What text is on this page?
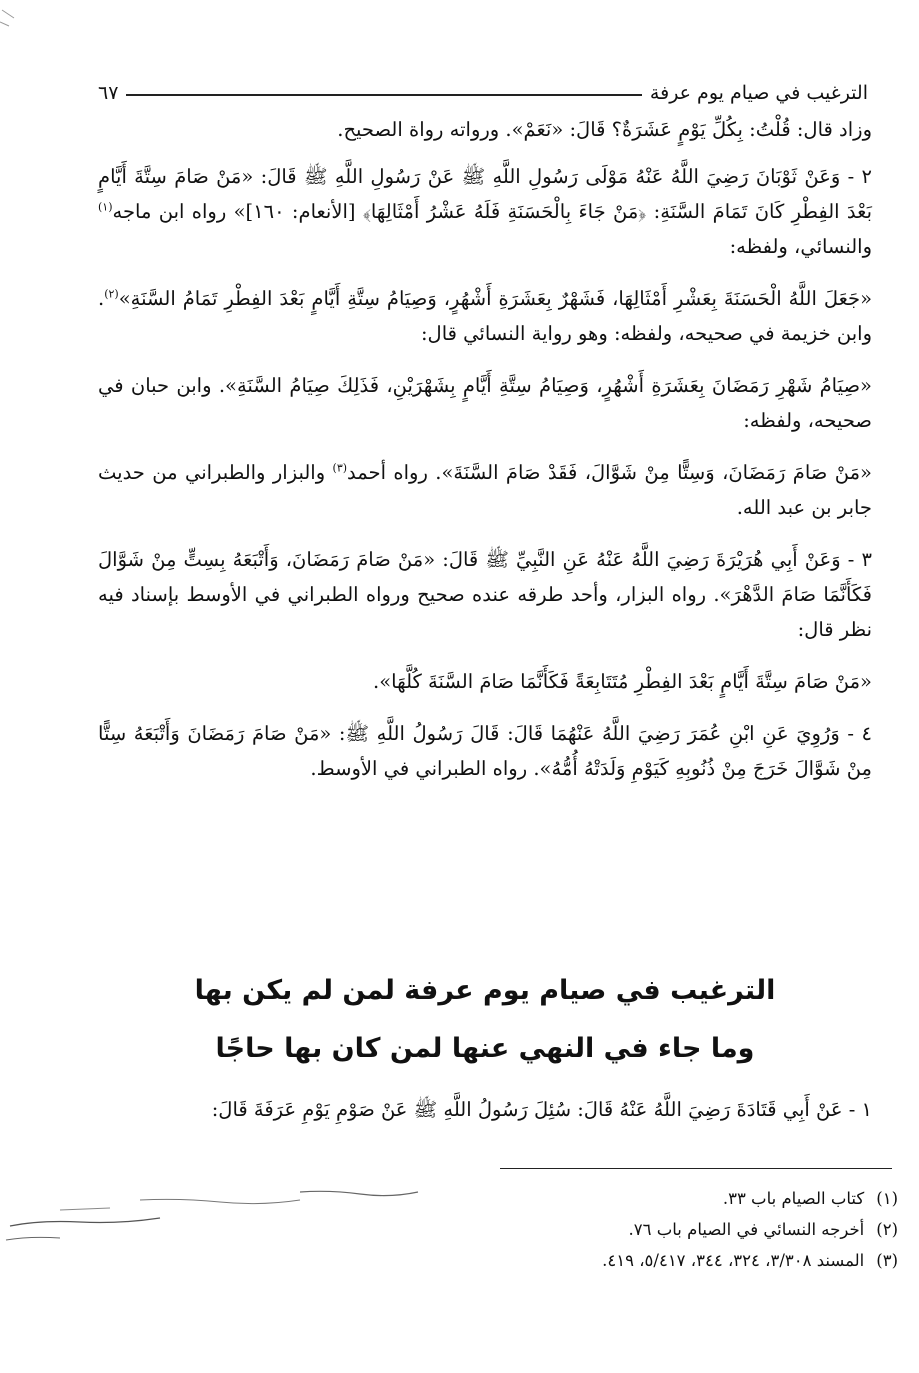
الترغيب في صيام يوم عرفة
٦٧

وزاد قال: قُلْتُ: بِكُلِّ يَوْمٍ عَشَرَةٌ؟ قَالَ: «نَعَمْ». ورواته رواة الصحيح.

٢ - وَعَنْ ثَوْبَانَ رَضِيَ اللَّهُ عَنْهُ مَوْلَى رَسُولِ اللَّهِ ﷺ عَنْ رَسُولِ اللَّهِ ﷺ قَالَ: «مَنْ صَامَ سِتَّةَ أَيَّامٍ بَعْدَ الفِطْرِ كَانَ تَمَامَ السَّنَةِ: ﴿مَنْ جَاءَ بِالْحَسَنَةِ فَلَهُ عَشْرُ أَمْثَالِهَا﴾ [الأنعام: ١٦٠]» رواه ابن ماجه$^{(١)}$ والنسائي، ولفظه:

«جَعَلَ اللَّهُ الْحَسَنَةَ بِعَشْرِ أَمْثَالِهَا، فَشَهْرٌ بِعَشَرَةِ أَشْهُرٍ، وَصِيَامُ سِتَّةِ أَيَّامٍ بَعْدَ الفِطْرِ تَمَامُ السَّنَةِ»$^{(٢)}$. وابن خزيمة في صحيحه، ولفظه: وهو رواية النسائي قال:

«صِيَامُ شَهْرِ رَمَضَانَ بِعَشَرَةِ أَشْهُرٍ، وَصِيَامُ سِتَّةِ أَيَّامٍ بِشَهْرَيْنِ، فَذَلِكَ صِيَامُ السَّنَةِ». وابن حبان في صحيحه، ولفظه:

«مَنْ صَامَ رَمَضَانَ، وَسِتًّا مِنْ شَوَّالَ، فَقَدْ صَامَ السَّنَةَ». رواه أحمد$^{(٣)}$ والبزار والطبراني من حديث جابر بن عبد الله.

٣ - وَعَنْ أَبِي هُرَيْرَةَ رَضِيَ اللَّهُ عَنْهُ عَنِ النَّبِيِّ ﷺ قَالَ: «مَنْ صَامَ رَمَضَانَ، وَأَتْبَعَهُ بِسِتٍّ مِنْ شَوَّالَ فَكَأَنَّمَا صَامَ الدَّهْرَ». رواه البزار، وأحد طرقه عنده صحيح ورواه الطبراني في الأوسط بإسناد فيه نظر قال:

«مَنْ صَامَ سِتَّةَ أَيَّامٍ بَعْدَ الفِطْرِ مُتَتَابِعَةً فَكَأَنَّمَا صَامَ السَّنَةَ كُلَّهَا».

٤ - وَرُوِيَ عَنِ ابْنِ عُمَرَ رَضِيَ اللَّهُ عَنْهُمَا قَالَ: قَالَ رَسُولُ اللَّهِ ﷺ: «مَنْ صَامَ رَمَضَانَ وَأَتْبَعَهُ سِتًّا مِنْ شَوَّالَ خَرَجَ مِنْ ذُنُوبِهِ كَيَوْمِ وَلَدَتْهُ أُمُّهُ». رواه الطبراني في الأوسط.

الترغيب في صيام يوم عرفة لمن لم يكن بها
وما جاء في النهي عنها لمن كان بها حاجًا
١ - عَنْ أَبِي قَتَادَةَ رَضِيَ اللَّهُ عَنْهُ قَالَ: سُئِلَ رَسُولُ اللَّهِ ﷺ عَنْ صَوْمِ يَوْمِ عَرَفَةَ قَالَ:
(١)
كتاب الصيام باب ٣٣.
(٢)
أخرجه النسائي في الصيام باب ٧٦.
(٣)
المسند ٣/٣٠٨، ٣٢٤، ٣٤٤، ٥/٤١٧، ٤١٩.
